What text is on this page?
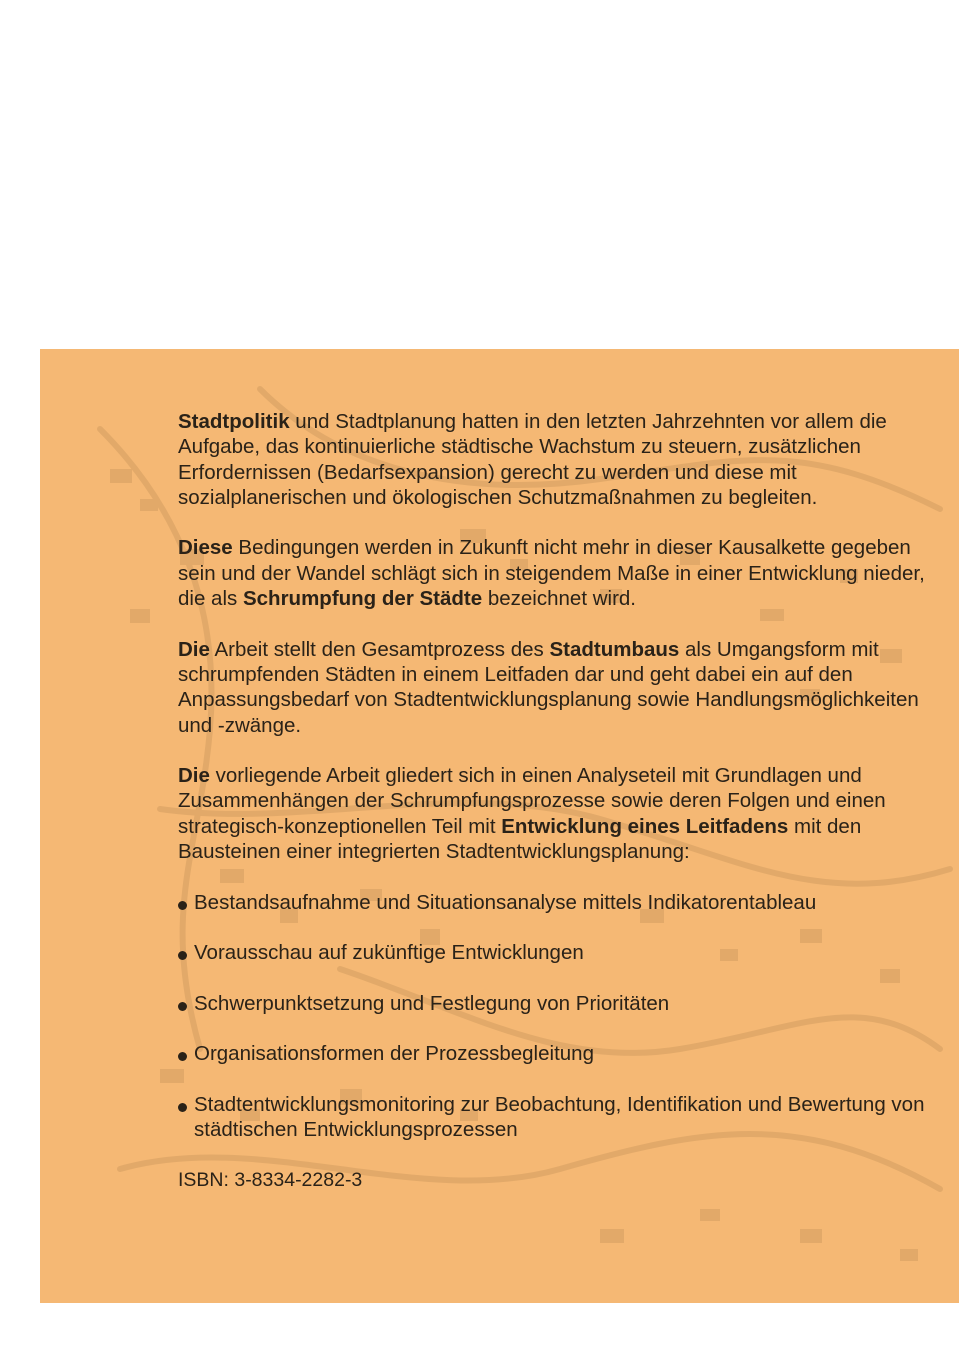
Stadtpolitik und Stadtplanung hatten in den letzten Jahrzehnten vor allem die Aufgabe, das kontinuierliche städtische Wachstum zu steuern, zusätzlichen Erfordernissen (Bedarfsexpansion) gerecht zu werden und diese mit sozialplanerischen und ökologischen Schutzmaßnahmen zu begleiten.

Diese Bedingungen werden in Zukunft nicht mehr in dieser Kausalkette gegeben sein und der Wandel schlägt sich in steigendem Maße in einer Entwicklung nieder, die als Schrumpfung der Städte bezeichnet wird.

Die Arbeit stellt den Gesamtprozess des Stadtumbaus als Umgangsform mit schrumpfenden Städten in einem Leitfaden dar und geht dabei ein auf den Anpassungsbedarf von Stadtentwicklungsplanung sowie Handlungsmöglichkeiten und -zwänge.

Die vorliegende Arbeit gliedert sich in einen Analyseteil mit Grundlagen und Zusammenhängen der Schrumpfungsprozesse sowie deren Folgen und einen strategisch-konzeptionellen Teil mit Entwicklung eines Leitfadens mit den Bausteinen einer integrierten Stadtentwicklungsplanung:

Bestandsaufnahme und Situationsanalyse mittels Indikatorentableau
Vorausschau auf zukünftige Entwicklungen
Schwerpunktsetzung und Festlegung von Prioritäten
Organisationsformen der Prozessbegleitung
Stadtentwicklungsmonitoring zur Beobachtung, Identifikation und Bewertung von städtischen Entwicklungsprozessen
ISBN: 3-8334-2282-3
